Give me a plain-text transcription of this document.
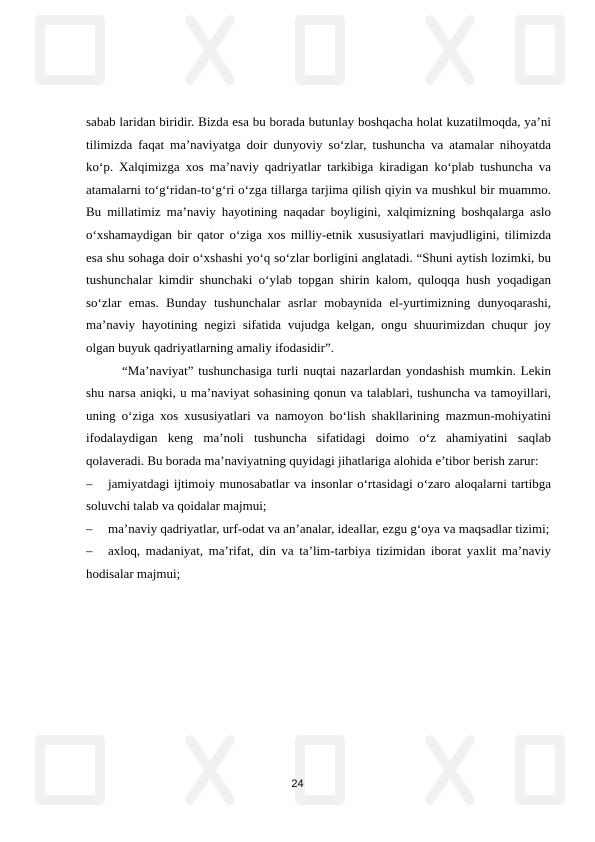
sabab laridan biridir. Bizda esa bu borada butunlay boshqacha holat kuzatilmoqda, ya’ni tilimizda faqat ma’naviyatga doir dunyoviy so‘zlar, tushuncha va atamalar nihoyatda ko‘p. Xalqimizga xos ma’naviy qadriyatlar tarkibiga kiradigan ko‘plab tushuncha va atamalarni to‘g‘ridan-to‘g‘ri o‘zga tillarga tarjima qilish qiyin va mushkul bir muammo. Bu millatimiz ma’naviy hayotining naqadar boyligini, xalqimizning boshqalarga aslo o‘xshamaydigan bir qator o‘ziga xos milliy-etnik xususiyatlari mavjudligini, tilimizda esa shu sohaga doir o‘xshashi yo‘q so‘zlar borligini anglatadi. “Shuni aytish lozimki, bu tushunchalar kimdir shunchaki o‘ylab topgan shirin kalom, quloqqa hush yoqadigan so‘zlar emas. Bunday tushunchalar asrlar mobaynida el-yurtimizning dunyoqarashi, ma’naviy hayotining negizi sifatida vujudga kelgan, ongu shuurimizdan chuqur joy olgan buyuk qadriyatlarning amaliy ifodasidir”.

“Ma’naviyat” tushunchasiga turli nuqtai nazarlardan yondashish mumkin. Lekin shu narsa aniqki, u ma’naviyat sohasining qonun va talablari, tushuncha va tamoyillari, uning o‘ziga xos xususiyatlari va namoyon bo‘lish shakllarining mazmun-mohiyatini ifodalaydigan keng ma’noli tushuncha sifatidagi doimo o‘z ahamiyatini saqlab qolaveradi. Bu borada ma’naviyatning quyidagi jihatlariga alohida e’tibor berish zarur:

– jamiyatdagi ijtimoiy munosabatlar va insonlar o‘rtasidagi o‘zaro aloqalarni tartibga soluvchi talab va qoidalar majmui;

– ma’naviy qadriyatlar, urf-odat va an’analar, ideallar, ezgu g‘oya va maqsadlar tizimi;

– axloq, madaniyat, ma’rifat, din va ta’lim-tarbiya tizimidan iborat yaxlit ma’naviy hodisalar majmui;

24
